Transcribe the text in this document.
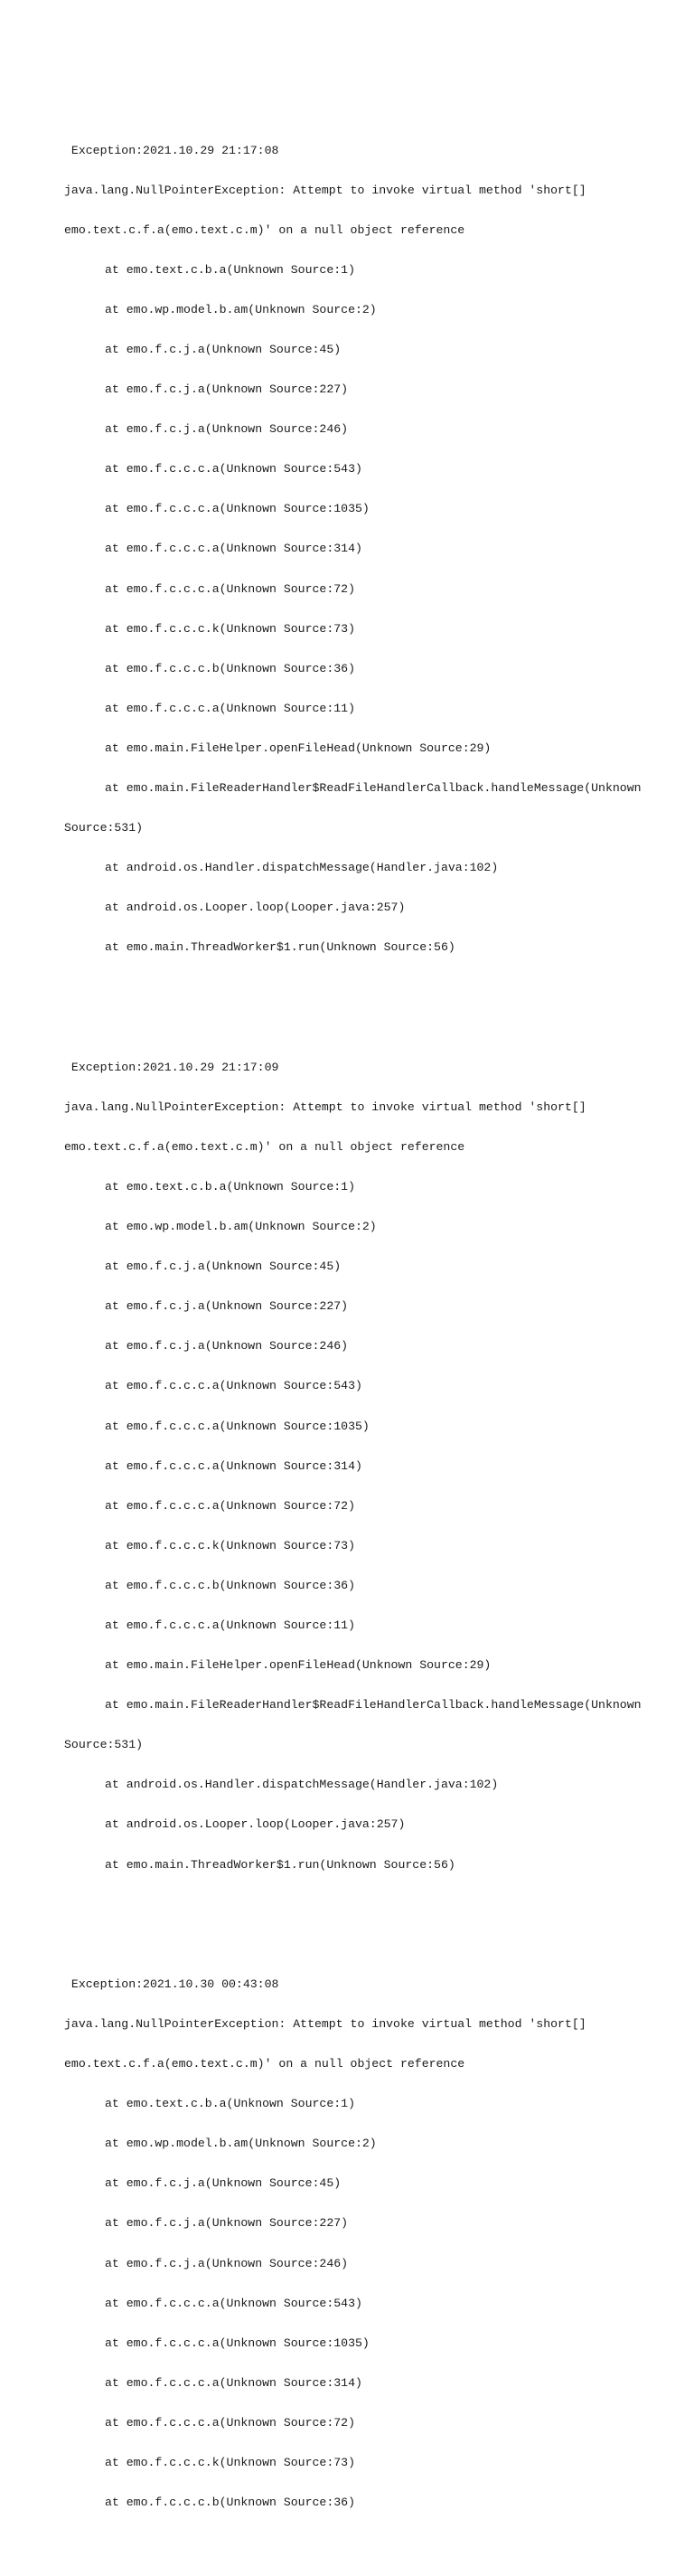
Exception:2021.10.29 21:17:08

java.lang.NullPointerException: Attempt to invoke virtual method 'short[]

emo.text.c.f.a(emo.text.c.m)' on a null object reference

at emo.text.c.b.a(Unknown Source:1)

at emo.wp.model.b.am(Unknown Source:2)

at emo.f.c.j.a(Unknown Source:45)

at emo.f.c.j.a(Unknown Source:227)

at emo.f.c.j.a(Unknown Source:246)

at emo.f.c.c.c.a(Unknown Source:543)

at emo.f.c.c.c.a(Unknown Source:1035)

at emo.f.c.c.c.a(Unknown Source:314)

at emo.f.c.c.c.a(Unknown Source:72)

at emo.f.c.c.c.k(Unknown Source:73)

at emo.f.c.c.c.b(Unknown Source:36)

at emo.f.c.c.c.a(Unknown Source:11)

at emo.main.FileHelper.openFileHead(Unknown Source:29)

at emo.main.FileReaderHandler$ReadFileHandlerCallback.handleMessage(Unknown

Source:531)

at android.os.Handler.dispatchMessage(Handler.java:102)

at android.os.Looper.loop(Looper.java:257)

at emo.main.ThreadWorker$1.run(Unknown Source:56)

Exception:2021.10.29 21:17:09

java.lang.NullPointerException: Attempt to invoke virtual method 'short[]

emo.text.c.f.a(emo.text.c.m)' on a null object reference

at emo.text.c.b.a(Unknown Source:1)

at emo.wp.model.b.am(Unknown Source:2)

at emo.f.c.j.a(Unknown Source:45)

at emo.f.c.j.a(Unknown Source:227)

at emo.f.c.j.a(Unknown Source:246)

at emo.f.c.c.c.a(Unknown Source:543)

at emo.f.c.c.c.a(Unknown Source:1035)

at emo.f.c.c.c.a(Unknown Source:314)

at emo.f.c.c.c.a(Unknown Source:72)

at emo.f.c.c.c.k(Unknown Source:73)

at emo.f.c.c.c.b(Unknown Source:36)

at emo.f.c.c.c.a(Unknown Source:11)

at emo.main.FileHelper.openFileHead(Unknown Source:29)

at emo.main.FileReaderHandler$ReadFileHandlerCallback.handleMessage(Unknown

Source:531)

at android.os.Handler.dispatchMessage(Handler.java:102)

at android.os.Looper.loop(Looper.java:257)

at emo.main.ThreadWorker$1.run(Unknown Source:56)

Exception:2021.10.30 00:43:08

java.lang.NullPointerException: Attempt to invoke virtual method 'short[]

emo.text.c.f.a(emo.text.c.m)' on a null object reference

at emo.text.c.b.a(Unknown Source:1)

at emo.wp.model.b.am(Unknown Source:2)

at emo.f.c.j.a(Unknown Source:45)

at emo.f.c.j.a(Unknown Source:227)

at emo.f.c.j.a(Unknown Source:246)

at emo.f.c.c.c.a(Unknown Source:543)

at emo.f.c.c.c.a(Unknown Source:1035)

at emo.f.c.c.c.a(Unknown Source:314)

at emo.f.c.c.c.a(Unknown Source:72)

at emo.f.c.c.c.k(Unknown Source:73)

at emo.f.c.c.c.b(Unknown Source:36)
